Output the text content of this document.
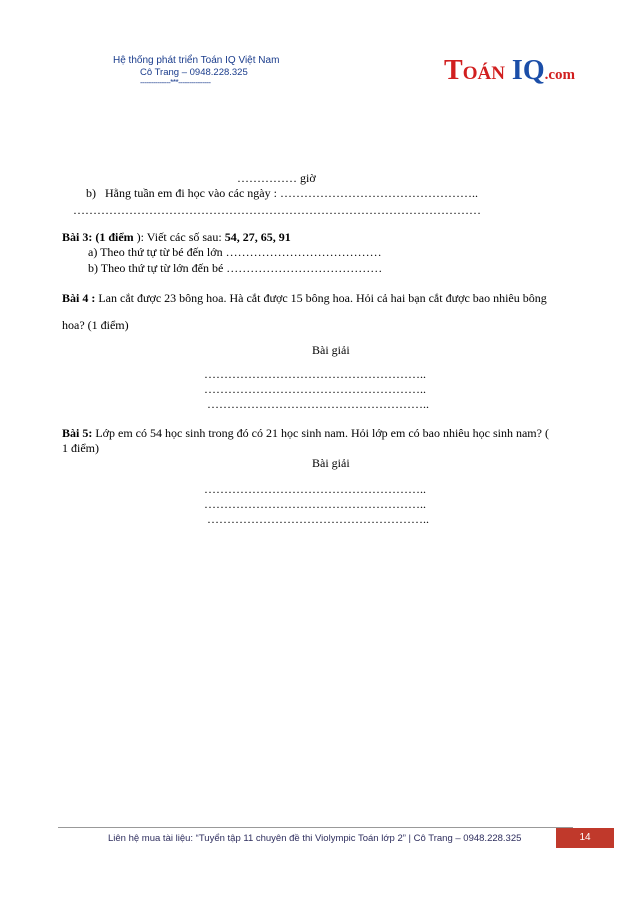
Hệ thống phát triển Toán IQ Việt Nam
Cô Trang – 0948.228.325
--------------***---------------	TOÁN IQ.com
…………… giờ
b) Hằng tuần em đi học vào các ngày : …………………………………………..
…………………………………………………………………………………………
Bài 3: (1 điểm ): Viết các số sau: 54, 27, 65, 91
a) Theo thứ tự từ bé đến lớn …………………………………
b) Theo thứ tự từ lớn đến bé …………………………………
Bài 4 : Lan cắt được 23 bông hoa. Hà cắt được 15 bông hoa. Hỏi cả hai bạn cắt được bao nhiêu bông
hoa? (1 điểm)
Bài giải
………………………………………………..
………………………………………………..
………………………………………………..
Bài 5: Lớp em có 54 học sinh trong đó có 21 học sinh nam. Hỏi lớp em có bao nhiêu học sinh nam? (
1 điểm)
Bài giải
………………………………………………..
………………………………………………..
………………………………………………..
Liên hệ mua tài liệu: “Tuyển tập 11 chuyên đề thi Violympic Toán lớp 2” | Cô Trang – 0948.228.325	14
